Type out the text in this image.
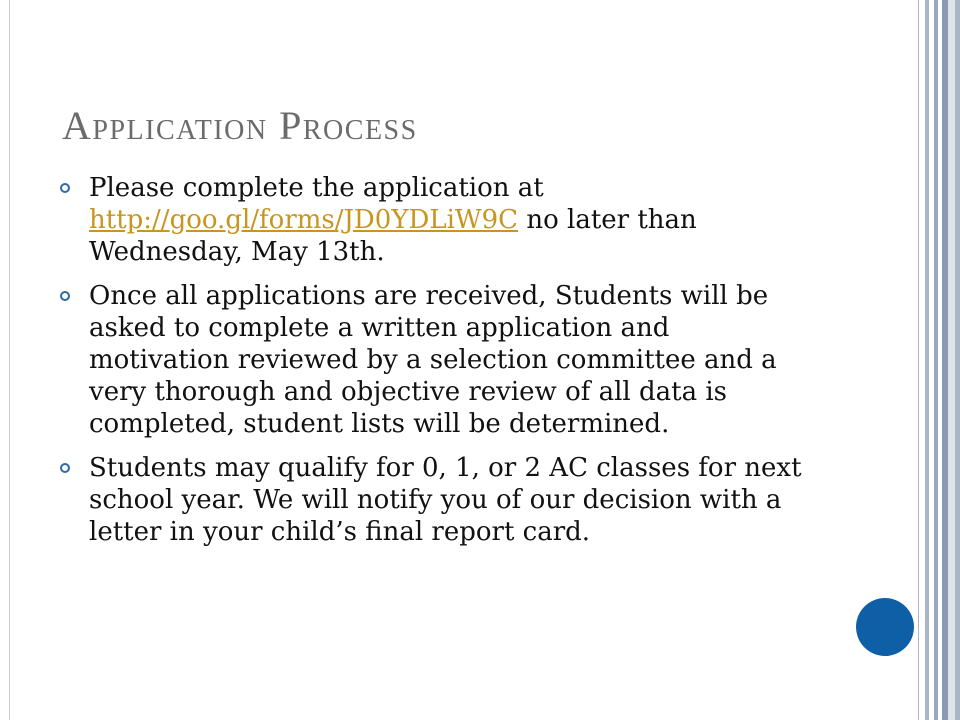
Application Process
Please complete the application at http://goo.gl/forms/JD0YDLiW9C no later than Wednesday, May 13th.
Once all applications are received, Students will be asked to complete a written application and motivation reviewed by a selection committee and a very thorough and objective review of all data is completed, student lists will be determined.
Students may qualify for 0, 1, or 2 AC classes for next school year. We will notify you of our decision with a letter in your child’s final report card.
